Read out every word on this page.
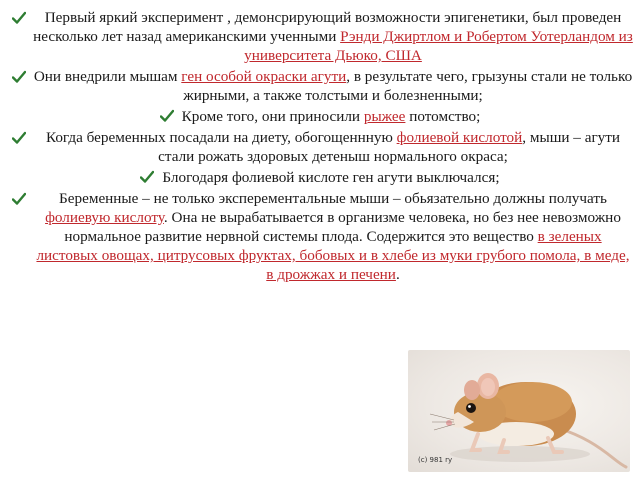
Первый яркий эксперимент , демонсрирующий возможности эпигенетики, был проведен несколько лет назад американскими ученными Рэнди Джиртлом и Робертом Уотерландом из университета Дьюко, США
Они внедрили мышам ген особой окраски агути, в результате чего, грызуны стали не только жирными, а также толстыми и болезненными;
Кроме того, они приносили рыжее потомство;
Когда беременных посадали на диету, обогощеннную фолиевой кислотой, мыши – агути стали рожать здоровых детеныш нормального окраса;
Блогодаря фолиевой кислоте ген агути выключался;
Беременные – не только эксперементальные мыши – обьязательно должны получать фолиевую кислоту. Она не вырабатывается в организме человека, но без нее невозможно нормальное развитие нервной системы плода. Содержится это вещество в зеленых листовых овощах, цитрусовых фруктах, бобовых и в хлебе из муки грубого помола, в меде, в дрожжах и печени.
(c) 981 ry
